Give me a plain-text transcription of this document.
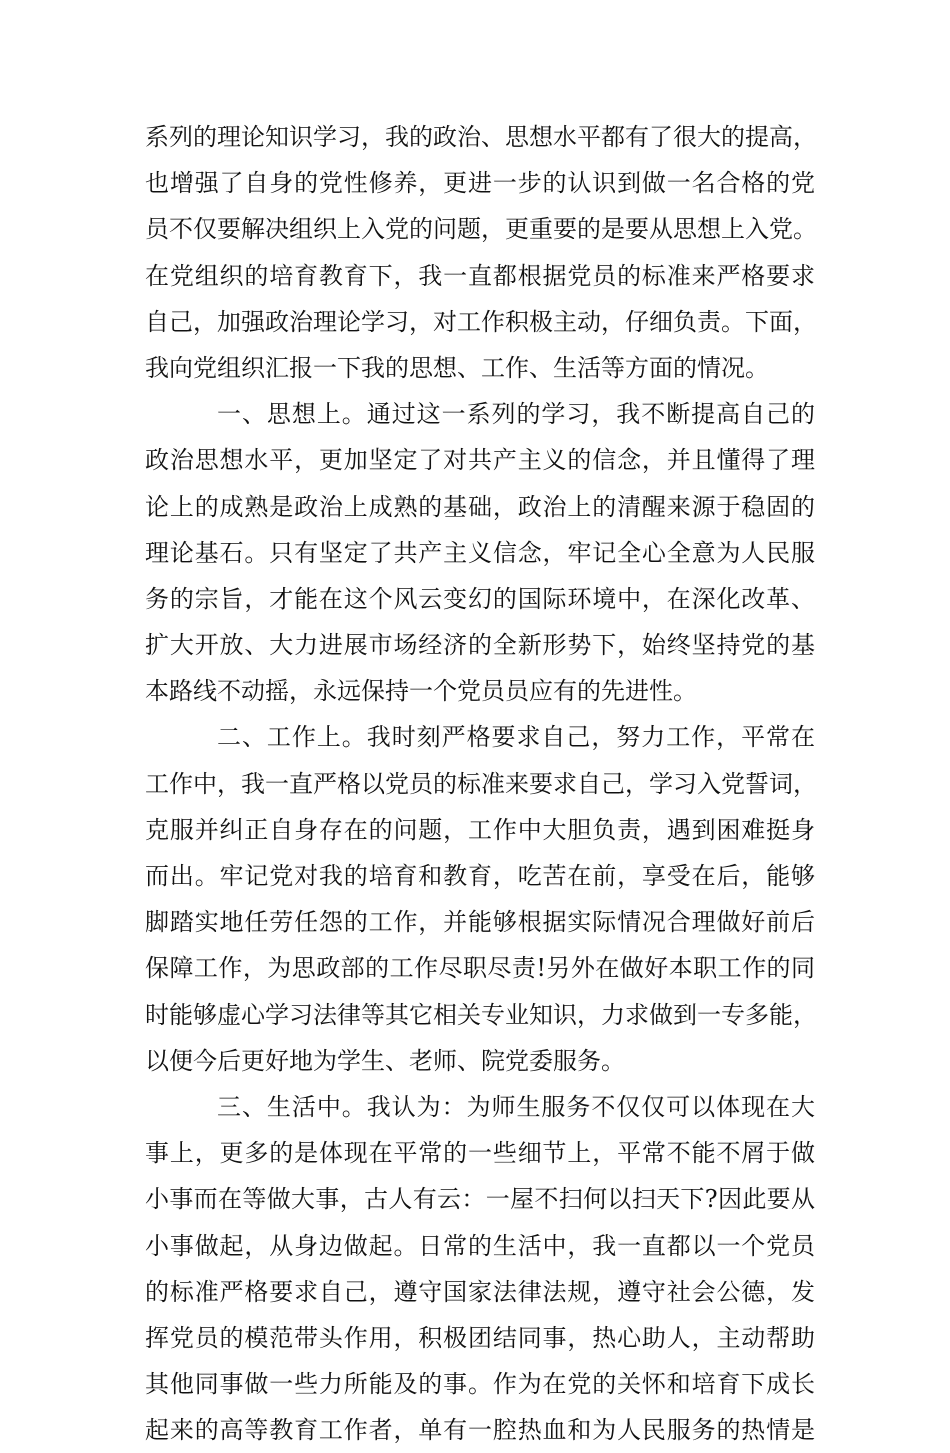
系列的理论知识学习，我的政治、思想水平都有了很大的提高，
也增强了自身的党性修养，更进一步的认识到做一名合格的党
员不仅要解决组织上入党的问题，更重要的是要从思想上入党。
在党组织的培育教育下，我一直都根据党员的标准来严格要求
自己，加强政治理论学习，对工作积极主动，仔细负责。下面，
我向党组织汇报一下我的思想、工作、生活等方面的情况。
一、思想上。通过这一系列的学习，我不断提高自己的
政治思想水平，更加坚定了对共产主义的信念，并且懂得了理
论上的成熟是政治上成熟的基础，政治上的清醒来源于稳固的
理论基石。只有坚定了共产主义信念，牢记全心全意为人民服
务的宗旨，才能在这个风云变幻的国际环境中，在深化改革、
扩大开放、大力进展市场经济的全新形势下，始终坚持党的基
本路线不动摇，永远保持一个党员员应有的先进性。
二、工作上。我时刻严格要求自己，努力工作，平常在
工作中，我一直严格以党员的标准来要求自己，学习入党誓词，
克服并纠正自身存在的问题，工作中大胆负责，遇到困难挺身
而出。牢记党对我的培育和教育，吃苦在前，享受在后，能够
脚踏实地任劳任怨的工作，并能够根据实际情况合理做好前后
保障工作，为思政部的工作尽职尽责!另外在做好本职工作的同
时能够虚心学习法律等其它相关专业知识，力求做到一专多能，
以便今后更好地为学生、老师、院党委服务。
三、生活中。我认为：为师生服务不仅仅可以体现在大
事上，更多的是体现在平常的一些细节上，平常不能不屑于做
小事而在等做大事，古人有云：一屋不扫何以扫天下?因此要从
小事做起，从身边做起。日常的生活中，我一直都以一个党员
的标准严格要求自己，遵守国家法律法规，遵守社会公德，发
挥党员的模范带头作用，积极团结同事，热心助人，主动帮助
其他同事做一些力所能及的事。作为在党的关怀和培育下成长
起来的高等教育工作者，单有一腔热血和为人民服务的热情是
